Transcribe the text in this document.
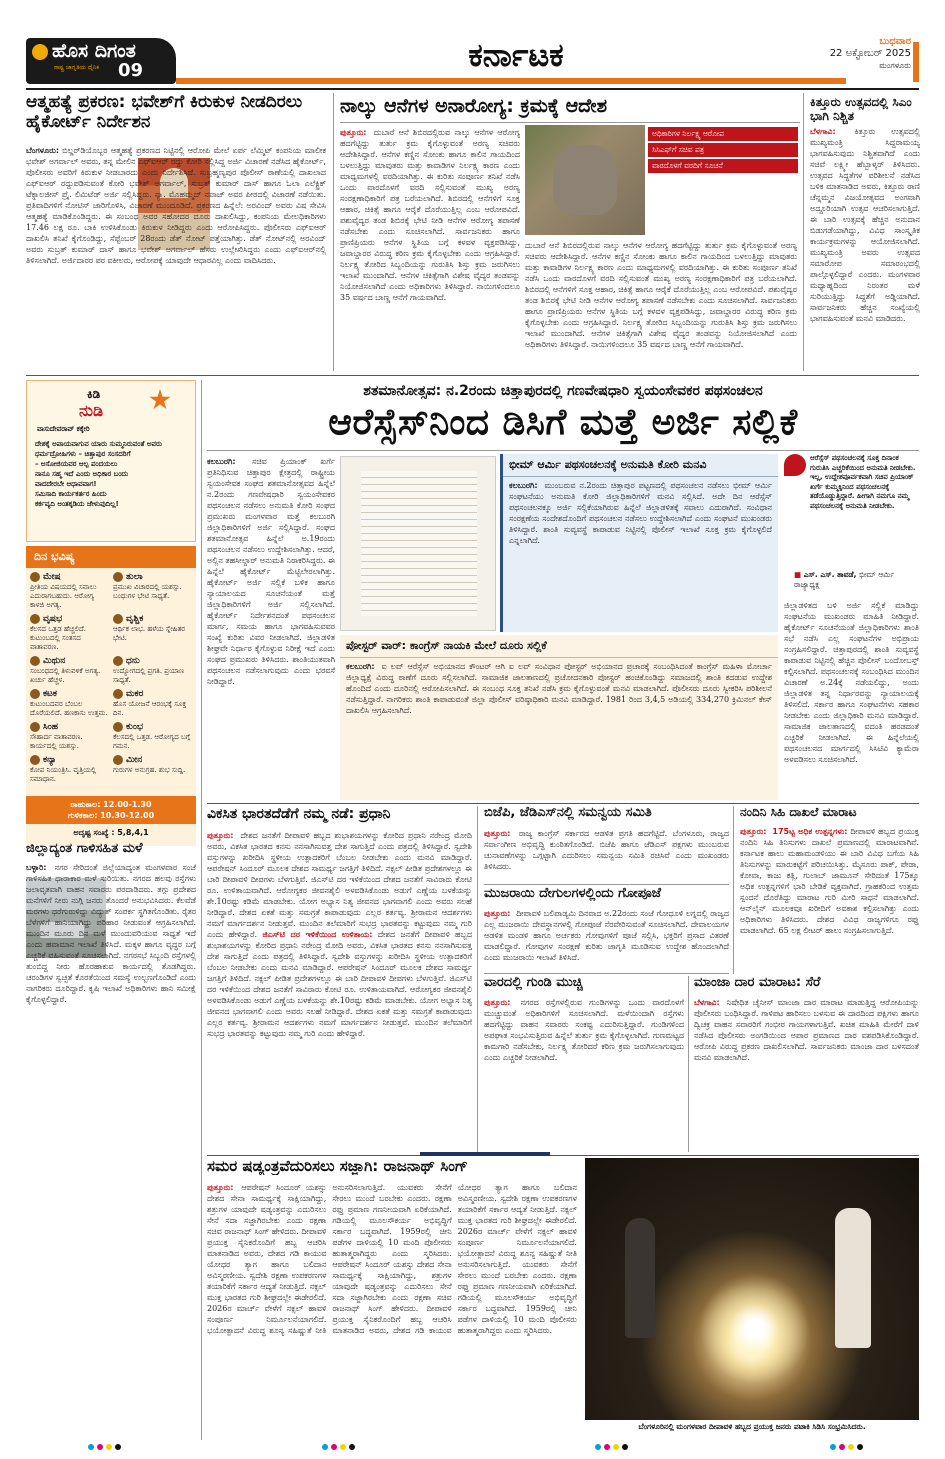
ಹೊಸ ದಿಗಂತ
ರಾಷ್ಟ್ರ ಜಾಗೃತಿಯ ದೈನಿಕ 09	ಕರ್ನಾಟಕ	ಬುಧವಾರ
22 ಅಕ್ಟೋಬರ್ 2025
ಮಂಗಳೂರು
ಆತ್ಮಹತ್ಯೆ ಪ್ರಕರಣ: ಭವೇಶ್‌ಗೆ ಕಿರುಕುಳ ನೀಡದಿರಲು ಹೈಕೋರ್ಟ್ ನಿರ್ದೇಶನ
ಬೆಂಗಳೂರು: ಬಿಲ್ಡರ್‌ಡಿಯೊಬ್ಬರ ಆತ್ಮಹತ್ಯೆ ಪ್ರಕರಣದ ನಿಟ್ಟಿನಲ್ಲಿ ಆರೋಪಿ ಮೇಲೆ ಏರ್ಪ ಲೆಮ್ಮಿಟ್ ಕಂಪನಿಯ ಮಾಲೀಕ ಭವೇಶ್ ಅಗರ್ವಾಲ್ ಅವರು, ತನ್ನ ಮೇಲಿನ ಎಫ್‌ಐಆರ್ ರದ್ದು ಕೋರಿ ಸಲ್ಲಿಸಿದ್ದ ಅರ್ಜಿ ವಿಚಾರಣೆ ನಡೆಸಿದ ಹೈಕೋರ್ಟ್, ಪೊಲೀಸರು ಅವರಿಗೆ ಕಿರುಕುಳ ನೀಡಬಾರದು ಎಂದು ನಿರ್ದೇಶಿಸಿದೆ. ಸುಬ್ರಹ್ಮಣ್ಯಪುರ ಪೊಲೀಸ್ ಠಾಣೆಯಲ್ಲಿ ದಾಖಲಾದ ಎಫ್‌ಐಆರ್ ರದ್ದುಪಡಿಸುವಂತೆ ಕೋರಿ ಭವೇಶ್ ಅಗರ್ವಾಲ್, ಸುಬ್ರತ್ ಕುಮಾರ್ ದಾಸ್ ಹಾಗೂ ಓಲಾ ಎಲೆಕ್ಟ್ರಿಕ್ ಟೆಕ್ನಾಲಜೀಸ್ ಪ್ರೈ. ಲಿಮಿಟೆಡ್ ಅರ್ಜಿ ಸಲ್ಲಿಸಿದ್ದರು. ನ್ಯಾ. ಮೊಹಮ್ಮದ್ ನವಾಜ್ ಅವರ ಪೀಠದಲ್ಲಿ ವಿಚಾರಣೆ ನಡೆಯಿತು. ಪ್ರತಿವಾದಿಗಳಿಗೆ ನೋಟಿಸ್ ಜಾರಿಗೊಳಿಸಿ, ವಿಚಾರಣೆ ಮುಂದೂಡಿದೆ. ಪ್ರಕರಣದ ಹಿನ್ನೆಲೆ: ಅರವಿಂದ್ ಅವರು ವಿಷ ಸೇವಿಸಿ ಆತ್ಮಹತ್ಯೆ ಮಾಡಿಕೊಂಡಿದ್ದರು. ಈ ಸಂಬಂಧ ಅವರ ಸಹೋದರ ದೂರು ದಾಖಲಿಸಿದ್ದು, ಕಂಪನಿಯ ಮೇಲಧಿಕಾರಿಗಳು 17.46 ಲಕ್ಷ ರೂ. ಬಾಕಿ ಉಳಿಸಿಕೊಂಡು ಕಿರುಕುಳ ನೀಡಿದ್ದರು ಎಂದು ಆರೋಪಿಸಿದ್ದರು. ಪೊಲೀಸರು ಎಫ್‌ಐಆರ್ ದಾಖಲಿಸಿ ತನಿಖೆ ಕೈಗೊಂಡಿದ್ದು, ಸೆಪ್ಟೆಂಬರ್ 28ರಂದು ಡೆತ್ ನೋಟ್ ಪತ್ತೆಯಾಗಿತ್ತು. ಡೆತ್ ನೋಟ್‌ನಲ್ಲಿ ಅರವಿಂದ್ ಅವರು ಸುಬ್ರತ್ ಕುಮಾರ್ ದಾಸ್ ಹಾಗೂ ಭವೇಶ್ ಅಗರ್ವಾಲ್ ಹೆಸರು ಉಲ್ಲೇಖಿಸಿದ್ದರು ಎಂದು ಎಫ್‌ಐಆರ್‌ನಲ್ಲಿ ತಿಳಿಸಲಾಗಿದೆ. ಅರ್ಜಿದಾರರ ಪರ ವಕೀಲರು, ಆರೋಪಕ್ಕೆ ಯಾವುದೇ ಆಧಾರವಿಲ್ಲ ಎಂದು ವಾದಿಸಿದರು.
ನಾಲ್ಕು ಆನೆಗಳ ಅನಾರೋಗ್ಯ: ಕ್ರಮಕ್ಕೆ ಆದೇಶ
ಅಧಿಕಾರಿಗಳ ನಿರ್ಲಕ್ಷ್ಯ ಆರೋಪ
ಸಿಸಿಎಫ್‌ಗೆ ಸಚಿವ ಪತ್ರ
ವಾರದೊಳಗೆ ವರದಿಗೆ ಸೂಚನೆ
ಪುತ್ತೂರು: ದುಬಾರೆ ಆನೆ ಶಿಬಿರದಲ್ಲಿರುವ ನಾಲ್ಕು ಆನೆಗಳ ಆರೋಗ್ಯ ಹದಗೆಟ್ಟಿದ್ದು ತುರ್ತು ಕ್ರಮ ಕೈಗೊಳ್ಳುವಂತೆ ಅರಣ್ಯ ಸಚಿವರು ಆದೇಶಿಸಿದ್ದಾರೆ. ಆನೆಗಳ ಕಣ್ಣಿನ ಸೋಂಕು ಹಾಗೂ ಕಾಲಿನ ಗಾಯದಿಂದ ಬಳಲುತ್ತಿದ್ದು ಮಾವುತರು ಮತ್ತು ಕಾವಾಡಿಗಳ ನಿರ್ಲಕ್ಷ್ಯ ಕಾರಣ ಎಂದು ಮಾಧ್ಯಮಗಳಲ್ಲಿ ವರದಿಯಾಗಿತ್ತು. ಈ ಕುರಿತು ಸಂಪೂರ್ಣ ತನಿಖೆ ನಡೆಸಿ ಒಂದು ವಾರದೊಳಗೆ ವರದಿ ಸಲ್ಲಿಸುವಂತೆ ಮುಖ್ಯ ಅರಣ್ಯ ಸಂರಕ್ಷಣಾಧಿಕಾರಿಗೆ ಪತ್ರ ಬರೆಯಲಾಗಿದೆ. ಶಿಬಿರದಲ್ಲಿ ಆನೆಗಳಿಗೆ ಸೂಕ್ತ ಆಹಾರ, ಚಿಕಿತ್ಸೆ ಹಾಗೂ ಆರೈಕೆ ದೊರೆಯುತ್ತಿಲ್ಲ ಎಂಬ ಆರೋಪವಿದೆ. ಪಶುವೈದ್ಯರ ತಂಡ ಶಿಬಿರಕ್ಕೆ ಭೇಟಿ ನೀಡಿ ಆನೆಗಳ ಆರೋಗ್ಯ ತಪಾಸಣೆ ನಡೆಸಬೇಕು ಎಂದು ಸೂಚಿಸಲಾಗಿದೆ. ಸಾರ್ವಜನಿಕರು ಹಾಗೂ ಪ್ರಾಣಿಪ್ರಿಯರು ಆನೆಗಳ ಸ್ಥಿತಿಯ ಬಗ್ಗೆ ಕಳವಳ ವ್ಯಕ್ತಪಡಿಸಿದ್ದು, ಜವಾಬ್ದಾರರ ವಿರುದ್ಧ ಕಠಿಣ ಕ್ರಮ ಕೈಗೊಳ್ಳಬೇಕು ಎಂದು ಆಗ್ರಹಿಸಿದ್ದಾರೆ. ನಿರ್ಲಕ್ಷ್ಯ ತೋರಿದ ಸಿಬ್ಬಂದಿಯನ್ನು ಗುರುತಿಸಿ ಶಿಸ್ತು ಕ್ರಮ ಜರುಗಿಸಲು ಇಲಾಖೆ ಮುಂದಾಗಿದೆ. ಆನೆಗಳ ಚಿಕಿತ್ಸೆಗಾಗಿ ವಿಶೇಷ ವೈದ್ಯರ ತಂಡವನ್ನು ನಿಯೋಜಿಸಲಾಗಿದೆ ಎಂದು ಅಧಿಕಾರಿಗಳು ತಿಳಿಸಿದ್ದಾರೆ. ನಾಯಿಗಳಿಂದಲೂ 35 ವರ್ಷದ ಬಾಣ್ಣ ಆನೆಗೆ ಗಾಯವಾಗಿದೆ.
ದುಬಾರೆ ಆನೆ ಶಿಬಿರದಲ್ಲಿರುವ ನಾಲ್ಕು ಆನೆಗಳ ಆರೋಗ್ಯ ಹದಗೆಟ್ಟಿದ್ದು ತುರ್ತು ಕ್ರಮ ಕೈಗೊಳ್ಳುವಂತೆ ಅರಣ್ಯ ಸಚಿವರು ಆದೇಶಿಸಿದ್ದಾರೆ. ಆನೆಗಳ ಕಣ್ಣಿನ ಸೋಂಕು ಹಾಗೂ ಕಾಲಿನ ಗಾಯದಿಂದ ಬಳಲುತ್ತಿದ್ದು ಮಾವುತರು ಮತ್ತು ಕಾವಾಡಿಗಳ ನಿರ್ಲಕ್ಷ್ಯ ಕಾರಣ ಎಂದು ಮಾಧ್ಯಮಗಳಲ್ಲಿ ವರದಿಯಾಗಿತ್ತು. ಈ ಕುರಿತು ಸಂಪೂರ್ಣ ತನಿಖೆ ನಡೆಸಿ ಒಂದು ವಾರದೊಳಗೆ ವರದಿ ಸಲ್ಲಿಸುವಂತೆ ಮುಖ್ಯ ಅರಣ್ಯ ಸಂರಕ್ಷಣಾಧಿಕಾರಿಗೆ ಪತ್ರ ಬರೆಯಲಾಗಿದೆ. ಶಿಬಿರದಲ್ಲಿ ಆನೆಗಳಿಗೆ ಸೂಕ್ತ ಆಹಾರ, ಚಿಕಿತ್ಸೆ ಹಾಗೂ ಆರೈಕೆ ದೊರೆಯುತ್ತಿಲ್ಲ ಎಂಬ ಆರೋಪವಿದೆ. ಪಶುವೈದ್ಯರ ತಂಡ ಶಿಬಿರಕ್ಕೆ ಭೇಟಿ ನೀಡಿ ಆನೆಗಳ ಆರೋಗ್ಯ ತಪಾಸಣೆ ನಡೆಸಬೇಕು ಎಂದು ಸೂಚಿಸಲಾಗಿದೆ. ಸಾರ್ವಜನಿಕರು ಹಾಗೂ ಪ್ರಾಣಿಪ್ರಿಯರು ಆನೆಗಳ ಸ್ಥಿತಿಯ ಬಗ್ಗೆ ಕಳವಳ ವ್ಯಕ್ತಪಡಿಸಿದ್ದು, ಜವಾಬ್ದಾರರ ವಿರುದ್ಧ ಕಠಿಣ ಕ್ರಮ ಕೈಗೊಳ್ಳಬೇಕು ಎಂದು ಆಗ್ರಹಿಸಿದ್ದಾರೆ. ನಿರ್ಲಕ್ಷ್ಯ ತೋರಿದ ಸಿಬ್ಬಂದಿಯನ್ನು ಗುರುತಿಸಿ ಶಿಸ್ತು ಕ್ರಮ ಜರುಗಿಸಲು ಇಲಾಖೆ ಮುಂದಾಗಿದೆ. ಆನೆಗಳ ಚಿಕಿತ್ಸೆಗಾಗಿ ವಿಶೇಷ ವೈದ್ಯರ ತಂಡವನ್ನು ನಿಯೋಜಿಸಲಾಗಿದೆ ಎಂದು ಅಧಿಕಾರಿಗಳು ತಿಳಿಸಿದ್ದಾರೆ. ನಾಯಿಗಳಿಂದಲೂ 35 ವರ್ಷದ ಬಾಣ್ಣ ಆನೆಗೆ ಗಾಯವಾಗಿದೆ.
ಕಿತ್ತೂರು ಉತ್ಸವದಲ್ಲಿ ಸಿಎಂ ಭಾಗಿ ನಿಶ್ಚಿತ
ಬೆಳಗಾವಿ: ಕಿತ್ತೂರು ಉತ್ಸವದಲ್ಲಿ ಮುಖ್ಯಮಂತ್ರಿ ಸಿದ್ದರಾಮಯ್ಯ ಭಾಗವಹಿಸುವುದು ನಿಶ್ಚಿತವಾಗಿದೆ ಎಂದು ಸಚಿವೆ ಲಕ್ಷ್ಮೀ ಹೆಬ್ಬಾಳ್ಕರ್ ತಿಳಿಸಿದರು. ಉತ್ಸವದ ಸಿದ್ಧತೆಗಳ ಪರಿಶೀಲನೆ ನಡೆಸಿದ ಬಳಿಕ ಮಾತನಾಡಿದ ಅವರು, ಕಿತ್ತೂರು ರಾಣಿ ಚೆನ್ನಮ್ಮನ ವಿಜಯೋತ್ಸವದ ಅಂಗವಾಗಿ ಅದ್ದೂರಿಯಾಗಿ ಉತ್ಸವ ಆಚರಿಸಲಾಗುತ್ತಿದೆ. ಈ ಬಾರಿ ಉತ್ಸವಕ್ಕೆ ಹೆಚ್ಚಿನ ಅನುದಾನ ಬಿಡುಗಡೆಯಾಗಿದ್ದು, ವಿವಿಧ ಸಾಂಸ್ಕೃತಿಕ ಕಾರ್ಯಕ್ರಮಗಳನ್ನು ಆಯೋಜಿಸಲಾಗಿದೆ. ಮುಖ್ಯಮಂತ್ರಿ ಅವರು ಉತ್ಸವದ ಸಮಾರೋಪ ಸಮಾರಂಭದಲ್ಲಿ ಪಾಲ್ಗೊಳ್ಳಲಿದ್ದಾರೆ ಎಂದರು. ಮಂಗಳವಾರ ಮಧ್ಯಾಹ್ನದಿಂದ ನಿರಂತರ ಮಳೆ ಸುರಿಯುತ್ತಿದ್ದು ಸಿದ್ಧತೆಗೆ ಅಡ್ಡಿಯಾಗಿದೆ. ಸಾರ್ವಜನಿಕರು ಹೆಚ್ಚಿನ ಸಂಖ್ಯೆಯಲ್ಲಿ ಭಾಗವಹಿಸುವಂತೆ ಮನವಿ ಮಾಡಿದರು.
ಕಿಡಿ
ನುಡಿ
ವಾಸುದೇವರಾವ್ ಕಕ್ಕೇರಿ
ದೇಶಕ್ಕೆ ಅಪಾಯವಾಗುವ ಯಾರು ಸುಮ್ಮನಿರುವಂತೆ ಅವರು
ಧರ್ಮದ್ರೋಹಿಗಳು – ಚಿತ್ತಾಪುರ ಸಂಸದರಿಗೆ
– ಅಸೋಜಿಯವರ ಆಲ್ಪ ಪಂದಯಲು
ನಾನೂ ಸಹ್ಮ ಇದೆ ಎಂದು ಅಧಿಕಾರ ಬಂದು
ವಾದದೇರಬೇ ಆಧಾವವಾಗ!
ಸಮಿಸಾದಿ ಕಾರ್ಯಕರ್ತರ ಹಿಂದು
ಕರ್ಕವ್ಯದಿ ಅಂತಕ್ಕಡಿಯ ಜೇಳುವುದಿಲ್ಲ!
ದಿನ ಭವಿಷ್ಯ
ಮೇಷ
ಪ್ರೀತಿಯ ವಿಷಯದಲ್ಲಿ ಸವಾಲು ಎದುರಾಗಬಹುದು. ಆರೋಗ್ಯ ಕಾಳಜಿ ಅಗತ್ಯ.
ತುಲಾ
ಪ್ರಮುಖ ವಿಚಾರದಲ್ಲಿ ಯಶಸ್ಸು. ಬಂಧುಗಳ ಭೇಟಿ ಸಾಧ್ಯತೆ.
ವೃಷಭ
ಕೆಲಸದ ಒತ್ತಡ ಹೆಚ್ಚಲಿದೆ. ಕುಟುಂಬದಲ್ಲಿ ಸಂತಸದ ವಾತಾವರಣ.
ವೃಶ್ಚಿಕ
ಆರ್ಥಿಕ ಲಾಭ. ಹಳೆಯ ಸ್ನೇಹಿತರ ಭೇಟಿ.
ಮಿಥುನ
ಸಂಬಂಧದಲ್ಲಿ ತಿಳುವಳಿಕೆ ಅಗತ್ಯ. ಖರ್ಚು ಹೆಚ್ಚಳ.
ಧನು
ಉದ್ಯೋಗದಲ್ಲಿ ಪ್ರಗತಿ. ಪ್ರಯಾಣ ಸಾಧ್ಯತೆ.
ಕಟಕ
ಕುಟುಂಬದವರ ಬೆಂಬಲ ದೊರೆಯಲಿದೆ. ಹಣಕಾಸು ಉತ್ತಮ.
ಮಕರ
ಹೊಸ ಯೋಜನೆ ಆರಂಭಕ್ಕೆ ಸೂಕ್ತ ದಿನ.
ಸಿಂಹ
ಸೌಹಾರ್ದ ವಾತಾವರಣ. ಕಾರ್ಯದಲ್ಲಿ ಯಶಸ್ಸು.
ಕುಂಭ
ಕೆಲಸದಲ್ಲಿ ಒತ್ತಡ. ಆರೋಗ್ಯದ ಬಗ್ಗೆ ಗಮನ.
ಕನ್ಯಾ
ಕೋಪ ನಿಯಂತ್ರಿಸಿ. ವೃತ್ತಿಯಲ್ಲಿ ಸಮಾಧಾನ.
ಮೀನ
ಗುರುಗಳ ಅನುಗ್ರಹ. ಶುಭ ಸುದ್ದಿ.
ರಾಹುಕಾಲ: 12.00-1.30
ಗುಳಿಕಕಾಲ: 10.30-12.00
ಅದೃಷ್ಟ ಸಂಖ್ಯೆ : 5,8,4,1
ಜಿಲ್ಲಾದ್ಯಂತ ಗಾಳಿಸಹಿತ ಮಳೆ
ಬಳ್ಳಾರಿ: ನಗರ ಸೇರಿದಂತೆ ಜಿಲ್ಲೆಯಾದ್ಯಂತ ಮಂಗಳವಾರ ಸಂಜೆ ಗಾಳಿಸಹಿತ ಧಾರಾಕಾರ ಮಳೆ ಸುರಿಯಿತು. ನಗರದ ಹಲವು ರಸ್ತೆಗಳು ಜಲಾವೃತವಾಗಿ ವಾಹನ ಸವಾರರು ಪರದಾಡಿದರು. ತಗ್ಗು ಪ್ರದೇಶದ ಮನೆಗಳಿಗೆ ನೀರು ನುಗ್ಗಿ ಜನರು ತೊಂದರೆ ಅನುಭವಿಸಿದರು. ಕೆಲವೆಡೆ ಮರಗಳು ಧರೆಗುರುಳಿದ್ದು ವಿದ್ಯುತ್ ಸಂಪರ್ಕ ಸ್ಥಗಿತಗೊಂಡಿತು. ರೈತರ ಬೆಳೆಗಳಿಗೆ ಹಾನಿಯಾಗಿದ್ದು ಪರಿಹಾರ ನೀಡುವಂತೆ ಆಗ್ರಹಿಸಲಾಗಿದೆ. ಮುಂದಿನ ಮೂರು ದಿನ ಮಳೆ ಮುಂದುವರಿಯುವ ಸಾಧ್ಯತೆ ಇದೆ ಎಂದು ಹವಾಮಾನ ಇಲಾಖೆ ತಿಳಿಸಿದೆ. ಮಕ್ಕಳ ಹಾಗೂ ವೃದ್ಧರ ಬಗ್ಗೆ ಎಚ್ಚರಿಕೆ ವಹಿಸುವಂತೆ ಸೂಚಿಸಲಾಗಿದೆ. ನಗರಸಭೆ ಸಿಬ್ಬಂದಿ ರಸ್ತೆಗಳಲ್ಲಿ ತುಂಬಿದ್ದ ನೀರು ಹೊರಹಾಕುವ ಕಾರ್ಯದಲ್ಲಿ ತೊಡಗಿದ್ದರು. ಚರಂಡಿಗಳ ಸ್ವಚ್ಛತೆ ಕೊರತೆಯಿಂದ ಸಮಸ್ಯೆ ಉಲ್ಬಣಗೊಂಡಿದೆ ಎಂದು ನಾಗರಿಕರು ದೂರಿದ್ದಾರೆ. ಕೃಷಿ ಇಲಾಖೆ ಅಧಿಕಾರಿಗಳು ಹಾನಿ ಸಮೀಕ್ಷೆ ಕೈಗೊಳ್ಳಲಿದ್ದಾರೆ.
ಶತಮಾನೋತ್ಸವ: ನ.2ರಂದು ಚಿತ್ತಾಪುರದಲ್ಲಿ ಗಣವೇಷಧಾರಿ ಸ್ವಯಂಸೇವಕರ ಪಥಸಂಚಲನ
ಆರೆಸ್ಸೆಸ್‌ನಿಂದ ಡಿಸಿಗೆ ಮತ್ತೆ ಅರ್ಜಿ ಸಲ್ಲಿಕೆ
ಕಲಬುರಗಿ: ಸಚಿವ ಪ್ರಿಯಾಂಕ್ ಖರ್ಗೆ ಪ್ರತಿನಿಧಿಸುವ ಚಿತ್ತಾಪುರ ಕ್ಷೇತ್ರದಲ್ಲಿ ರಾಷ್ಟ್ರೀಯ ಸ್ವಯಂಸೇವಕ ಸಂಘದ ಶತಮಾನೋತ್ಸವದ ಹಿನ್ನೆಲೆ ನ.2ರಂದು ಗಣವೇಷಧಾರಿ ಸ್ವಯಂಸೇವಕರ ಪಥಸಂಚಲನ ನಡೆಸಲು ಅನುಮತಿ ಕೋರಿ ಸಂಘದ ಪ್ರಮುಖರು ಮಂಗಳವಾರ ಮತ್ತೆ ಕಲಬುರಗಿ ಜಿಲ್ಲಾಧಿಕಾರಿಗಳಿಗೆ ಅರ್ಜಿ ಸಲ್ಲಿಸಿದ್ದಾರೆ. ಸಂಘದ ಶತಮಾನೋತ್ಸವ ಹಿನ್ನೆಲೆ ಅ.19ರಂದು ಪಥಸಂಚಲನ ನಡೆಸಲು ಉದ್ದೇಶಿಸಲಾಗಿತ್ತು. ಆದರೆ, ಅಲ್ಲಿನ ತಹಸೀಲ್ದಾರ್ ಅನುಮತಿ ನಿರಾಕರಿಸಿದ್ದರು. ಈ ಹಿನ್ನೆಲೆ ಹೈಕೋರ್ಟ್ ಮೆಟ್ಟಿಲೇರಲಾಗಿತ್ತು. ಹೈಕೋರ್ಟ್ ಅರ್ಜಿ ಸಲ್ಲಿಕೆ ಬಳಿಕ ಹಾಗೂ ನ್ಯಾಯಾಲಯದ ಸೂಚನೆಯಂತೆ ಮತ್ತೆ ಜಿಲ್ಲಾಧಿಕಾರಿಗಳಿಗೆ ಅರ್ಜಿ ಸಲ್ಲಿಸಲಾಗಿದೆ. ಹೈಕೋರ್ಟ್ ನಿರ್ದೇಶನದಂತೆ ಪಥಸಂಚಲನ ಮಾರ್ಗ, ಸಮಯ ಹಾಗೂ ಭಾಗವಹಿಸುವವರ ಸಂಖ್ಯೆ ಕುರಿತು ವಿವರ ನೀಡಲಾಗಿದೆ. ಜಿಲ್ಲಾಡಳಿತ ಶೀಘ್ರವೇ ನಿರ್ಧಾರ ಕೈಗೊಳ್ಳುವ ನಿರೀಕ್ಷೆ ಇದೆ ಎಂದು ಸಂಘದ ಪ್ರಮುಖರು ತಿಳಿಸಿದರು. ಶಾಂತಿಯುತವಾಗಿ ಪಥಸಂಚಲನ ನಡೆಸಲಾಗುವುದು ಎಂದು ಭರವಸೆ ನೀಡಿದ್ದಾರೆ.
ಭೀಮ್ ಆರ್ಮಿ ಪಥಸಂಚಲನಕ್ಕೆ ಅನುಮತಿ ಕೋರಿ ಮನವಿ
ಕಲಬುರಗಿ: ಮುಂಬರುವ ನ.2ರಂದು ಚಿತ್ತಾಪುರ ಪಟ್ಟಣದಲ್ಲಿ ಪಥಸಂಚಲನ ನಡೆಸಲು ಭೀಮ್ ಆರ್ಮಿ ಸಂಘಟನೆಯು ಅನುಮತಿ ಕೋರಿ ಜಿಲ್ಲಾಧಿಕಾರಿಗಳಿಗೆ ಮನವಿ ಸಲ್ಲಿಸಿದೆ. ಅದೇ ದಿನ ಆರೆಸ್ಸೆಸ್ ಪಥಸಂಚಲನಕ್ಕೂ ಅರ್ಜಿ ಸಲ್ಲಿಕೆಯಾಗಿರುವ ಹಿನ್ನೆಲೆ ಜಿಲ್ಲಾಡಳಿತಕ್ಕೆ ಸವಾಲು ಎದುರಾಗಿದೆ. ಸಂವಿಧಾನ ಸಂರಕ್ಷಣೆಯ ಸಂದೇಶದೊಂದಿಗೆ ಪಥಸಂಚಲನ ನಡೆಸಲು ಉದ್ದೇಶಿಸಲಾಗಿದೆ ಎಂದು ಸಂಘಟನೆ ಮುಖಂಡರು ತಿಳಿಸಿದ್ದಾರೆ. ಶಾಂತಿ ಸುವ್ಯವಸ್ಥೆ ಕಾಪಾಡುವ ನಿಟ್ಟಿನಲ್ಲಿ ಪೊಲೀಸ್ ಇಲಾಖೆ ಸೂಕ್ತ ಕ್ರಮ ಕೈಗೊಳ್ಳಲಿದೆ ಎನ್ನಲಾಗಿದೆ.
ಆರೆಸ್ಸೆಸ್ ಪಥಸಂಚಲನಕ್ಕೆ ಸೂಕ್ತ ದಿನಾಂಕ ಗುರುತಿಸಿ ಎಚ್ಚರಿಕೆಯಿಂದ ಅನುಮತಿ ನೀಡಬೇಕು. ಇಲ್ಲ, ಉದ್ದೇಶಪೂರ್ವಕವಾಗಿ ಸಚಿವ ಪ್ರಿಯಾಂಕ್ ಖರ್ಗೆ ಕುಮ್ಮಕ್ಕಿನಿಂದ ಪಥಸಂಚಲನಕ್ಕೆ ತಡೆಯೊಡ್ಡುತ್ತಿದ್ದಾರೆ. ಹೀಗಾಗಿ ನಮಗೂ ನಮ್ಮ ಪಥಸಂಚಲನಕ್ಕೆ ಅನುಮತಿ ನೀಡಬೇಕು.
■ ಎಸ್. ಎಸ್. ತಾವಡೆ, ಭೀಮ್ ಆರ್ಮಿ ರಾಜ್ಯಾಧ್ಯಕ್ಷ
ಪೋಸ್ಟರ್ ವಾರ್: ಕಾಂಗ್ರೆಸ್ ನಾಯಕಿ ಮೇಲೆ ದೂರು ಸಲ್ಲಿಕೆ
ಕಲಬುರಗಿ: ಐ ಲವ್ ಆರೆಸ್ಸೆಸ್ ಅಭಿಯಾನದ ಕೌಂಟರ್ ಆಗಿ ಐ ಲವ್ ಸಂವಿಧಾನ ಪೋಸ್ಟರ್ ಅಭಿಯಾನದ ಪ್ರಚಾರಕ್ಕೆ ಸಂಬಂಧಿಸಿದಂತೆ ಕಾಂಗ್ರೆಸ್ ಮಹಿಳಾ ಮೋರ್ಚಾ ಜಿಲ್ಲಾಧ್ಯಕ್ಷೆ ವಿರುದ್ಧ ಠಾಣೆಗೆ ದೂರು ಸಲ್ಲಿಸಲಾಗಿದೆ. ಸಾಮಾಜಿಕ ಜಾಲತಾಣದಲ್ಲಿ ಪ್ರಚೋದನಕಾರಿ ಪೋಸ್ಟರ್ ಹಂಚಿಕೊಂಡಿದ್ದು ಸಮಾಜದಲ್ಲಿ ಶಾಂತಿ ಕದಡುವ ಉದ್ದೇಶ ಹೊಂದಿದೆ ಎಂದು ದೂರಿನಲ್ಲಿ ಆರೋಪಿಸಲಾಗಿದೆ. ಈ ಸಂಬಂಧ ಸೂಕ್ತ ತನಿಖೆ ನಡೆಸಿ ಕ್ರಮ ಕೈಗೊಳ್ಳುವಂತೆ ಮನವಿ ಮಾಡಲಾಗಿದೆ. ಪೊಲೀಸರು ದೂರು ಸ್ವೀಕರಿಸಿ ಪರಿಶೀಲನೆ ನಡೆಸುತ್ತಿದ್ದಾರೆ. ನಾಗರಿಕರು ಶಾಂತಿ ಕಾಪಾಡುವಂತೆ ಜಿಲ್ಲಾ ಪೊಲೀಸ್ ವರಿಷ್ಠಾಧಿಕಾರಿ ಮನವಿ ಮಾಡಿದ್ದಾರೆ. 1981 ರಿಂದ 3,4,5 ಅಡಿಯಲ್ಲಿ 334,270 ಕ್ರಿಮಿನಲ್ ಕೇಸ್ ದಾಖಲಿಸಿ ಆಗ್ರಹಿಸಲಾಗಿದೆ.
ಜಿಲ್ಲಾಡಳಿತದ ಬಳಿ ಅರ್ಜಿ ಸಲ್ಲಿಕೆ ಮಾಡಿದ್ದು ಸಂಘಟನೆಯ ಮುಖಂಡರು ಮಾಹಿತಿ ನೀಡಿದ್ದಾರೆ. ಹೈಕೋರ್ಟ್ ಸೂಚನೆಯಂತೆ ಜಿಲ್ಲಾಧಿಕಾರಿಗಳು ಶಾಂತಿ ಸಭೆ ನಡೆಸಿ ಎಲ್ಲ ಸಂಘಟನೆಗಳ ಅಭಿಪ್ರಾಯ ಸಂಗ್ರಹಿಸಲಿದ್ದಾರೆ. ಚಿತ್ತಾಪುರದಲ್ಲಿ ಶಾಂತಿ ಸುವ್ಯವಸ್ಥೆ ಕಾಪಾಡುವ ನಿಟ್ಟಿನಲ್ಲಿ ಹೆಚ್ಚಿನ ಪೊಲೀಸ್ ಬಂದೋಬಸ್ತ್ ಕಲ್ಪಿಸಲಾಗಿದೆ. ಪಥಸಂಚಲನಕ್ಕೆ ಸಂಬಂಧಿಸಿದ ಮುಂದಿನ ವಿಚಾರಣೆ ಅ.24ಕ್ಕೆ ನಡೆಯಲಿದ್ದು, ಅಂದು ಜಿಲ್ಲಾಡಳಿತ ತನ್ನ ನಿರ್ಧಾರವನ್ನು ನ್ಯಾಯಾಲಯಕ್ಕೆ ತಿಳಿಸಲಿದೆ. ಸರ್ಕಾರ ಹಾಗೂ ಸಂಘಟನೆಗಳು ಸಹಕಾರ ನೀಡಬೇಕು ಎಂದು ಜಿಲ್ಲಾಧಿಕಾರಿ ಮನವಿ ಮಾಡಿದ್ದಾರೆ. ಸಾಮಾಜಿಕ ಜಾಲತಾಣದಲ್ಲಿ ವದಂತಿ ಹರಡದಂತೆ ಎಚ್ಚರಿಕೆ ನೀಡಲಾಗಿದೆ. ಈ ಹಿನ್ನೆಲೆಯಲ್ಲಿ ಪಥಸಂಚಲನದ ಮಾರ್ಗದಲ್ಲಿ ಸಿಸಿಟಿವಿ ಕ್ಯಾಮೆರಾ ಅಳವಡಿಸಲು ಸೂಚಿಸಲಾಗಿದೆ.
ವಿಕಸಿತ ಭಾರತದೆಡೆಗೆ ನಮ್ಮ ನಡೆ: ಪ್ರಧಾನಿ
ಪುತ್ತೂರು: ದೇಶದ ಜನತೆಗೆ ದೀಪಾವಳಿ ಹಬ್ಬದ ಶುಭಾಶಯಗಳನ್ನು ಕೋರಿದ ಪ್ರಧಾನಿ ನರೇಂದ್ರ ಮೋದಿ ಅವರು, ವಿಕಸಿತ ಭಾರತದ ಕನಸು ನನಸಾಗಿಸುವತ್ತ ದೇಶ ಸಾಗುತ್ತಿದೆ ಎಂದು ಪತ್ರದಲ್ಲಿ ತಿಳಿಸಿದ್ದಾರೆ. ಸ್ವದೇಶಿ ವಸ್ತುಗಳನ್ನು ಖರೀದಿಸಿ ಸ್ಥಳೀಯ ಉತ್ಪಾದಕರಿಗೆ ಬೆಂಬಲ ನೀಡಬೇಕು ಎಂದು ಮನವಿ ಮಾಡಿದ್ದಾರೆ. ಆಪರೇಷನ್ ಸಿಂದೂರ್ ಮೂಲಕ ದೇಶದ ಸಾಮರ್ಥ್ಯ ಜಗತ್ತಿಗೆ ತಿಳಿದಿದೆ. ನಕ್ಸಲ್ ಪೀಡಿತ ಪ್ರದೇಶಗಳಲ್ಲೂ ಈ ಬಾರಿ ದೀಪಾವಳಿ ದೀಪಗಳು ಬೆಳಗುತ್ತಿವೆ. ಜಿಎಸ್‌ಟಿ ದರ ಇಳಿಕೆಯಿಂದ ದೇಶದ ಜನತೆಗೆ ಸಾವಿರಾರು ಕೋಟಿ ರೂ. ಉಳಿತಾಯವಾಗಿದೆ. ಆರೋಗ್ಯಕರ ಜೀವನಶೈಲಿ ಅಳವಡಿಸಿಕೊಂಡು ಅಡುಗೆ ಎಣ್ಣೆಯ ಬಳಕೆಯನ್ನು ಶೇ.10ರಷ್ಟು ಕಡಿಮೆ ಮಾಡಬೇಕು. ಯೋಗ ಅಭ್ಯಾಸ ನಿತ್ಯ ಜೀವನದ ಭಾಗವಾಗಲಿ ಎಂದು ಅವರು ಸಲಹೆ ನೀಡಿದ್ದಾರೆ. ದೇಶದ ಏಕತೆ ಮತ್ತು ಸಮಗ್ರತೆ ಕಾಪಾಡುವುದು ಎಲ್ಲರ ಕರ್ತವ್ಯ. ಶ್ರೀರಾಮನ ಆದರ್ಶಗಳು ನಮಗೆ ಮಾರ್ಗದರ್ಶನ ನೀಡುತ್ತವೆ. ಮುಂದಿನ ತಲೆಮಾರಿಗೆ ಸುಭದ್ರ ಭಾರತವನ್ನು ಕಟ್ಟುವುದು ನಮ್ಮ ಗುರಿ ಎಂದು ಹೇಳಿದ್ದಾರೆ. ಜಿಎಸ್‌ಟಿ ದರ ಇಳಿಕೆಯಿಂದ ಉಳಿತಾಯ: ದೇಶದ ಜನತೆಗೆ ದೀಪಾವಳಿ ಹಬ್ಬದ ಶುಭಾಶಯಗಳನ್ನು ಕೋರಿದ ಪ್ರಧಾನಿ ನರೇಂದ್ರ ಮೋದಿ ಅವರು, ವಿಕಸಿತ ಭಾರತದ ಕನಸು ನನಸಾಗಿಸುವತ್ತ ದೇಶ ಸಾಗುತ್ತಿದೆ ಎಂದು ಪತ್ರದಲ್ಲಿ ತಿಳಿಸಿದ್ದಾರೆ. ಸ್ವದೇಶಿ ವಸ್ತುಗಳನ್ನು ಖರೀದಿಸಿ ಸ್ಥಳೀಯ ಉತ್ಪಾದಕರಿಗೆ ಬೆಂಬಲ ನೀಡಬೇಕು ಎಂದು ಮನವಿ ಮಾಡಿದ್ದಾರೆ. ಆಪರೇಷನ್ ಸಿಂದೂರ್ ಮೂಲಕ ದೇಶದ ಸಾಮರ್ಥ್ಯ ಜಗತ್ತಿಗೆ ತಿಳಿದಿದೆ. ನಕ್ಸಲ್ ಪೀಡಿತ ಪ್ರದೇಶಗಳಲ್ಲೂ ಈ ಬಾರಿ ದೀಪಾವಳಿ ದೀಪಗಳು ಬೆಳಗುತ್ತಿವೆ. ಜಿಎಸ್‌ಟಿ ದರ ಇಳಿಕೆಯಿಂದ ದೇಶದ ಜನತೆಗೆ ಸಾವಿರಾರು ಕೋಟಿ ರೂ. ಉಳಿತಾಯವಾಗಿದೆ. ಆರೋಗ್ಯಕರ ಜೀವನಶೈಲಿ ಅಳವಡಿಸಿಕೊಂಡು ಅಡುಗೆ ಎಣ್ಣೆಯ ಬಳಕೆಯನ್ನು ಶೇ.10ರಷ್ಟು ಕಡಿಮೆ ಮಾಡಬೇಕು. ಯೋಗ ಅಭ್ಯಾಸ ನಿತ್ಯ ಜೀವನದ ಭಾಗವಾಗಲಿ ಎಂದು ಅವರು ಸಲಹೆ ನೀಡಿದ್ದಾರೆ. ದೇಶದ ಏಕತೆ ಮತ್ತು ಸಮಗ್ರತೆ ಕಾಪಾಡುವುದು ಎಲ್ಲರ ಕರ್ತವ್ಯ. ಶ್ರೀರಾಮನ ಆದರ್ಶಗಳು ನಮಗೆ ಮಾರ್ಗದರ್ಶನ ನೀಡುತ್ತವೆ. ಮುಂದಿನ ತಲೆಮಾರಿಗೆ ಸುಭದ್ರ ಭಾರತವನ್ನು ಕಟ್ಟುವುದು ನಮ್ಮ ಗುರಿ ಎಂದು ಹೇಳಿದ್ದಾರೆ.
ಬಿಜೆಪಿ, ಜೆಡಿಎಸ್‌ನಲ್ಲಿ ಸಮನ್ವಯ ಸಮಿತಿ
ಪುತ್ತೂರು: ರಾಜ್ಯ ಕಾಂಗ್ರೆಸ್ ಸರ್ಕಾರದ ಆಡಳಿತ ಪ್ರಗತಿ ಹದಗೆಟ್ಟಿದೆ. ಬೆಂಗಳೂರು, ರಾಜ್ಯದ ಸರ್ವಾಂಗೀಣ ಅಭಿವೃದ್ಧಿ ಕುಂಠಿತಗೊಂಡಿದೆ. ಬಿಜೆಪಿ ಹಾಗೂ ಜೆಡಿಎಸ್ ಪಕ್ಷಗಳು ಮುಂಬರುವ ಚುನಾವಣೆಗಳನ್ನು ಒಗ್ಗಟ್ಟಾಗಿ ಎದುರಿಸಲು ಸಮನ್ವಯ ಸಮಿತಿ ರಚಿಸಿವೆ ಎಂದು ಮುಖಂಡರು ತಿಳಿಸಿದರು.
ಮುಜರಾಯಿ ದೇಗುಲಗಳಲ್ಲಿಂದು ಗೋಪೂಜೆ
ಪುತ್ತೂರು: ದೀಪಾವಳಿ ಬಲಿಪಾಡ್ಯಮಿ ದಿನವಾದ ಅ.22ರಂದು ಸಂಜೆ ಗೋಧೂಳಿ ಲಗ್ನದಲ್ಲಿ ರಾಜ್ಯದ ಎಲ್ಲ ಮುಜರಾಯಿ ದೇವಸ್ಥಾನಗಳಲ್ಲಿ ಗೋಪೂಜೆ ನೆರವೇರಿಸುವಂತೆ ಸೂಚಿಸಲಾಗಿದೆ. ದೇವಾಲಯಗಳ ಆಡಳಿತ ಮಂಡಳಿ ಹಾಗೂ ಅರ್ಚಕರು ಗೋವುಗಳಿಗೆ ಪೂಜೆ ಸಲ್ಲಿಸಿ, ಭಕ್ತರಿಗೆ ಪ್ರಸಾದ ವಿತರಣೆ ಮಾಡಲಿದ್ದಾರೆ. ಗೋವುಗಳ ಸಂರಕ್ಷಣೆ ಕುರಿತು ಜಾಗೃತಿ ಮೂಡಿಸುವ ಉದ್ದೇಶ ಹೊಂದಲಾಗಿದೆ ಎಂದು ಮುಜರಾಯಿ ಇಲಾಖೆ ತಿಳಿಸಿದೆ.
ವಾರದಲ್ಲಿ ಗುಂಡಿ ಮುಚ್ಚಿ
ಪುತ್ತೂರು: ನಗರದ ರಸ್ತೆಗಳಲ್ಲಿರುವ ಗುಂಡಿಗಳನ್ನು ಒಂದು ವಾರದೊಳಗೆ ಮುಚ್ಚುವಂತೆ ಅಧಿಕಾರಿಗಳಿಗೆ ಸೂಚಿಸಲಾಗಿದೆ. ಮಳೆಯಿಂದಾಗಿ ರಸ್ತೆಗಳು ಹದಗೆಟ್ಟಿದ್ದು ವಾಹನ ಸವಾರರು ಸಂಕಷ್ಟ ಎದುರಿಸುತ್ತಿದ್ದಾರೆ. ಗುಂಡಿಗಳಿಂದ ಅಪಘಾತ ಸಂಭವಿಸುತ್ತಿರುವ ಹಿನ್ನೆಲೆ ತುರ್ತು ಕ್ರಮ ಕೈಗೊಳ್ಳಲಾಗಿದೆ. ಗುಣಮಟ್ಟದ ಕಾಮಗಾರಿ ನಡೆಸಬೇಕು, ನಿರ್ಲಕ್ಷ್ಯ ತೋರಿದರೆ ಕಠಿಣ ಕ್ರಮ ಜರುಗಿಸಲಾಗುವುದು ಎಂದು ಎಚ್ಚರಿಕೆ ನೀಡಲಾಗಿದೆ.
ನಂದಿನಿ ಸಿಹಿ ದಾಖಲೆ ಮಾರಾಟ
ಪುತ್ತೂರು: 175ಟ್ಟ ಅಧಿಕ ಉತ್ಪನ್ನಗಳು: ದೀಪಾವಳಿ ಹಬ್ಬದ ಪ್ರಯುಕ್ತ ನಂದಿನಿ ಸಿಹಿ ತಿನಿಸುಗಳು ದಾಖಲೆ ಪ್ರಮಾಣದಲ್ಲಿ ಮಾರಾಟವಾಗಿವೆ. ಕರ್ನಾಟಕ ಹಾಲು ಮಹಾಮಂಡಳಿಯು ಈ ಬಾರಿ ವಿವಿಧ ಬಗೆಯ ಸಿಹಿ ತಿನಿಸುಗಳನ್ನು ಮಾರುಕಟ್ಟೆಗೆ ಪರಿಚಯಿಸಿತ್ತು. ಮೈಸೂರು ಪಾಕ್, ಪೇಡಾ, ಕೋವಾ, ಕಾಜು ಕತ್ಲಿ, ಗುಲಾಬ್ ಜಾಮೂನ್ ಸೇರಿದಂತೆ 175ಕ್ಕೂ ಅಧಿಕ ಉತ್ಪನ್ನಗಳಿಗೆ ಭಾರಿ ಬೇಡಿಕೆ ವ್ಯಕ್ತವಾಗಿದೆ. ಗ್ರಾಹಕರಿಂದ ಉತ್ತಮ ಸ್ಪಂದನೆ ದೊರೆತಿದ್ದು ಮಾರಾಟ ಗುರಿ ಮೀರಿ ಸಾಧನೆ ಮಾಡಲಾಗಿದೆ. ಆನ್‌ಲೈನ್ ಮೂಲಕವೂ ಖರೀದಿಗೆ ಅವಕಾಶ ಕಲ್ಪಿಸಲಾಗಿತ್ತು ಎಂದು ಅಧಿಕಾರಿಗಳು ತಿಳಿಸಿದರು. ದೇಶದ ವಿವಿಧ ರಾಜ್ಯಗಳಿಗೂ ರಫ್ತು ಮಾಡಲಾಗಿದೆ. 65 ಲಕ್ಷ ಲೀಟರ್ ಹಾಲು ಸಂಗ್ರಹಿಸಲಾಗುತ್ತಿದೆ.
ಮಾಂಜಾ ದಾರ ಮಾರಾಟ: ಸೆರೆ
ಬೆಳಗಾವಿ: ನಿಷೇಧಿತ ಚೈನೀಸ್ ಮಾಂಜಾ ದಾರ ಮಾರಾಟ ಮಾಡುತ್ತಿದ್ದ ಆರೋಪಿಯನ್ನು ಪೊಲೀಸರು ಬಂಧಿಸಿದ್ದಾರೆ. ಗಾಳಿಪಟ ಹಾರಿಸಲು ಬಳಸುವ ಈ ದಾರದಿಂದ ಪಕ್ಷಿಗಳು ಹಾಗೂ ದ್ವಿಚಕ್ರ ವಾಹನ ಸವಾರರಿಗೆ ಗಂಭೀರ ಗಾಯಗಳಾಗುತ್ತಿವೆ. ಖಚಿತ ಮಾಹಿತಿ ಮೇರೆಗೆ ದಾಳಿ ನಡೆಸಿದ ಪೊಲೀಸರು ಅಂಗಡಿಯಿಂದ ಅಪಾರ ಪ್ರಮಾಣದ ದಾರ ವಶಪಡಿಸಿಕೊಂಡಿದ್ದಾರೆ. ಆರೋಪಿ ವಿರುದ್ಧ ಪ್ರಕರಣ ದಾಖಲಿಸಲಾಗಿದೆ. ಸಾರ್ವಜನಿಕರು ಮಾಂಜಾ ದಾರ ಬಳಸದಂತೆ ಮನವಿ ಮಾಡಲಾಗಿದೆ.
ಸಮರ ಷಡ್ಯಂತ್ರವೆದುರಿಸಲು ಸಜ್ಜಾಗಿ: ರಾಜನಾಥ್ ಸಿಂಗ್
ಪುತ್ತೂರು: ಆಪರೇಷನ್ ಸಿಂದೂರ್ ಯಶಸ್ಸು ದೇಶದ ಸೇನಾ ಸಾಮರ್ಥ್ಯಕ್ಕೆ ಸಾಕ್ಷಿಯಾಗಿದ್ದು, ಶತ್ರುಗಳ ಯಾವುದೇ ಷಡ್ಯಂತ್ರವನ್ನು ಎದುರಿಸಲು ಸೇನೆ ಸದಾ ಸಜ್ಜಾಗಿರಬೇಕು ಎಂದು ರಕ್ಷಣಾ ಸಚಿವ ರಾಜನಾಥ್ ಸಿಂಗ್ ಹೇಳಿದರು. ದೀಪಾವಳಿ ಪ್ರಯುಕ್ತ ಸೈನಿಕರೊಂದಿಗೆ ಹಬ್ಬ ಆಚರಿಸಿ ಮಾತನಾಡಿದ ಅವರು, ದೇಶದ ಗಡಿ ಕಾಯುವ ಯೋಧರ ತ್ಯಾಗ ಹಾಗೂ ಬಲಿದಾನ ಅವಿಸ್ಮರಣೀಯ. ಸ್ವದೇಶಿ ರಕ್ಷಣಾ ಉಪಕರಣಗಳ ತಯಾರಿಕೆಗೆ ಸರ್ಕಾರ ಆದ್ಯತೆ ನೀಡುತ್ತಿದೆ. ನಕ್ಸಲ್ ಮುಕ್ತ ಭಾರತದ ಗುರಿ ಶೀಘ್ರದಲ್ಲೇ ಈಡೇರಲಿದೆ. 2026ರ ಮಾರ್ಚ್ ವೇಳೆಗೆ ನಕ್ಸಲ್ ಹಾವಳಿ ಸಂಪೂರ್ಣ ನಿರ್ಮೂಲನೆಯಾಗಲಿದೆ. ಭಯೋತ್ಪಾದನೆ ವಿರುದ್ಧ ಶೂನ್ಯ ಸಹಿಷ್ಣುತೆ ನೀತಿ ಅನುಸರಿಸಲಾಗುತ್ತಿದೆ. ಯುವಕರು ಸೇನೆಗೆ ಸೇರಲು ಮುಂದೆ ಬರಬೇಕು ಎಂದರು. ರಕ್ಷಣಾ ರಫ್ತು ಪ್ರಮಾಣ ಗಣನೀಯವಾಗಿ ಏರಿಕೆಯಾಗಿದೆ. ಗಡಿಯಲ್ಲಿ ಮೂಲಸೌಕರ್ಯ ಅಭಿವೃದ್ಧಿಗೆ ಸರ್ಕಾರ ಬದ್ಧವಾಗಿದೆ. 1959ರಲ್ಲಿ ಚೀನಿ ಪಡೆಗಳ ದಾಳಿಯಲ್ಲಿ 10 ಮಂದಿ ಪೊಲೀಸರು ಹುತಾತ್ಮರಾಗಿದ್ದರು ಎಂದು ಸ್ಮರಿಸಿದರು. ಆಪರೇಷನ್ ಸಿಂದೂರ್ ಯಶಸ್ಸು ದೇಶದ ಸೇನಾ ಸಾಮರ್ಥ್ಯಕ್ಕೆ ಸಾಕ್ಷಿಯಾಗಿದ್ದು, ಶತ್ರುಗಳ ಯಾವುದೇ ಷಡ್ಯಂತ್ರವನ್ನು ಎದುರಿಸಲು ಸೇನೆ ಸದಾ ಸಜ್ಜಾಗಿರಬೇಕು ಎಂದು ರಕ್ಷಣಾ ಸಚಿವ ರಾಜನಾಥ್ ಸಿಂಗ್ ಹೇಳಿದರು. ದೀಪಾವಳಿ ಪ್ರಯುಕ್ತ ಸೈನಿಕರೊಂದಿಗೆ ಹಬ್ಬ ಆಚರಿಸಿ ಮಾತನಾಡಿದ ಅವರು, ದೇಶದ ಗಡಿ ಕಾಯುವ ಯೋಧರ ತ್ಯಾಗ ಹಾಗೂ ಬಲಿದಾನ ಅವಿಸ್ಮರಣೀಯ. ಸ್ವದೇಶಿ ರಕ್ಷಣಾ ಉಪಕರಣಗಳ ತಯಾರಿಕೆಗೆ ಸರ್ಕಾರ ಆದ್ಯತೆ ನೀಡುತ್ತಿದೆ. ನಕ್ಸಲ್ ಮುಕ್ತ ಭಾರತದ ಗುರಿ ಶೀಘ್ರದಲ್ಲೇ ಈಡೇರಲಿದೆ. 2026ರ ಮಾರ್ಚ್ ವೇಳೆಗೆ ನಕ್ಸಲ್ ಹಾವಳಿ ಸಂಪೂರ್ಣ ನಿರ್ಮೂಲನೆಯಾಗಲಿದೆ. ಭಯೋತ್ಪಾದನೆ ವಿರುದ್ಧ ಶೂನ್ಯ ಸಹಿಷ್ಣುತೆ ನೀತಿ ಅನುಸರಿಸಲಾಗುತ್ತಿದೆ. ಯುವಕರು ಸೇನೆಗೆ ಸೇರಲು ಮುಂದೆ ಬರಬೇಕು ಎಂದರು. ರಕ್ಷಣಾ ರಫ್ತು ಪ್ರಮಾಣ ಗಣನೀಯವಾಗಿ ಏರಿಕೆಯಾಗಿದೆ. ಗಡಿಯಲ್ಲಿ ಮೂಲಸೌಕರ್ಯ ಅಭಿವೃದ್ಧಿಗೆ ಸರ್ಕಾರ ಬದ್ಧವಾಗಿದೆ. 1959ರಲ್ಲಿ ಚೀನಿ ಪಡೆಗಳ ದಾಳಿಯಲ್ಲಿ 10 ಮಂದಿ ಪೊಲೀಸರು ಹುತಾತ್ಮರಾಗಿದ್ದರು ಎಂದು ಸ್ಮರಿಸಿದರು.
ಬೆಂಗಳೂರಿನಲ್ಲಿ ಮಂಗಳವಾರ ದೀಪಾವಳಿ ಹಬ್ಬದ ಪ್ರಯುಕ್ತ ಜನರು ಪಟಾಕಿ ಸಿಡಿಸಿ ಸಂಭ್ರಮಿಸಿದರು.
